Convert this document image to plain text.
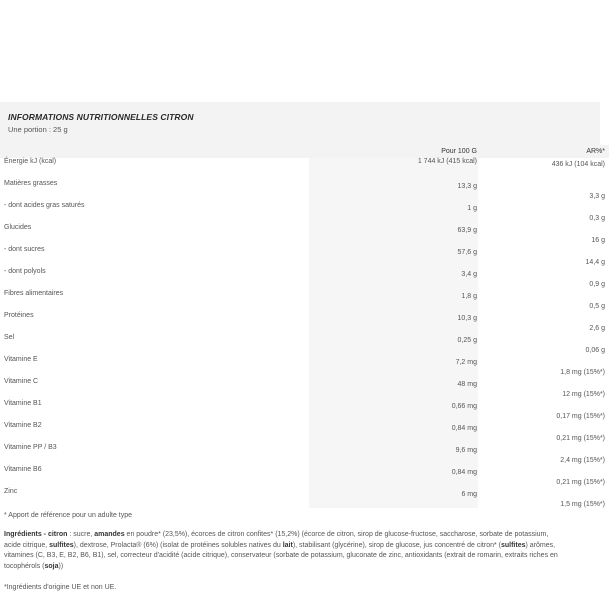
INFORMATIONS NUTRITIONNELLES CITRON
Une portion : 25 g
	Pour 100 G	AR%*
Énergie kJ (kcal)	1 744 kJ (415 kcal)	436 kJ (104 kcal)
Matières grasses	13,3 g	3,3 g
- dont acides gras saturés	1 g	0,3 g
Glucides	63,9 g	16 g
- dont sucres	57,6 g	14,4 g
- dont polyols	3,4 g	0,9 g
Fibres alimentaires	1,8 g	0,5 g
Protéines	10,3 g	2,6 g
Sel	0,25 g	0,06 g
Vitamine E	7,2 mg	1,8 mg (15%*)
Vitamine C	48 mg	12 mg (15%*)
Vitamine B1	0,66 mg	0,17 mg (15%*)
Vitamine B2	0,84 mg	0,21 mg (15%*)
Vitamine PP / B3	9,6 mg	2,4 mg (15%*)
Vitamine B6	0,84 mg	0,21 mg (15%*)
Zinc	6 mg	1,5 mg (15%*)
* Apport de référence pour un adulte type
Ingrédients - citron : sucre, amandes en poudre* (23,5%), écorces de citron confites* (15,2%) (écorce de citron, sirop de glucose-fructose, saccharose, sorbate de potassium, acide citrique, sulfites), dextrose, Prolacta® (6%) (isolat de protéines solubles natives du lait), stabilisant (glycérine), sirop de glucose, jus concentré de citron* (sulfites) arômes, vitamines (C, B3, E, B2, B6, B1), sel, correcteur d'acidité (acide citrique), conservateur (sorbate de potassium, gluconate de zinc, antioxidants (extrait de romarin, extraits riches en tocophérols (soja))
*Ingrédients d'origine UE et non UE.
